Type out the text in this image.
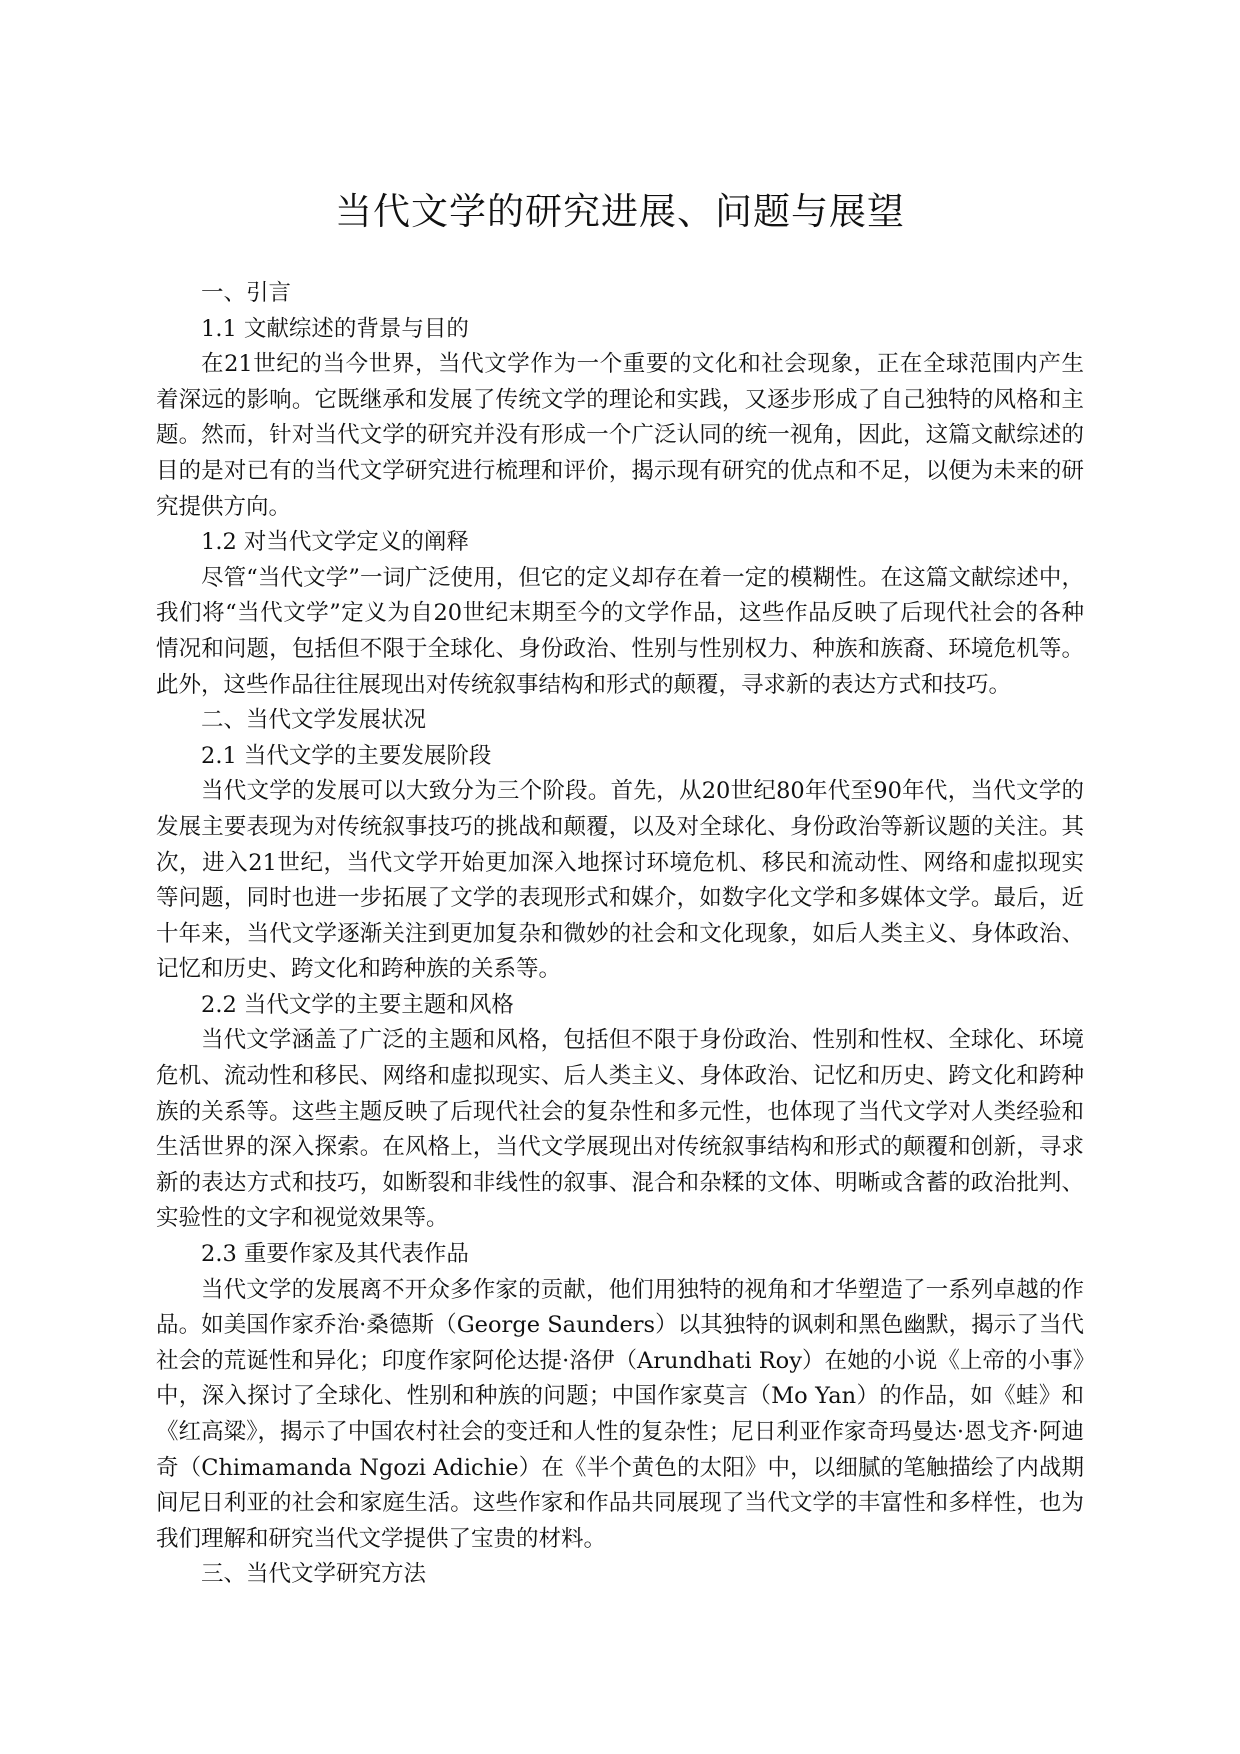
当代文学的研究进展、问题与展望

一、引言

1.1 文献综述的背景与目的

在21世纪的当今世界，当代文学作为一个重要的文化和社会现象，正在全球范围内产生着深远的影响。它既继承和发展了传统文学的理论和实践，又逐步形成了自己独特的风格和主题。然而，针对当代文学的研究并没有形成一个广泛认同的统一视角，因此，这篇文献综述的目的是对已有的当代文学研究进行梳理和评价，揭示现有研究的优点和不足，以便为未来的研究提供方向。

1.2 对当代文学定义的阐释

尽管“当代文学”一词广泛使用，但它的定义却存在着一定的模糊性。在这篇文献综述中，我们将“当代文学”定义为自20世纪末期至今的文学作品，这些作品反映了后现代社会的各种情况和问题，包括但不限于全球化、身份政治、性别与性别权力、种族和族裔、环境危机等。此外，这些作品往往展现出对传统叙事结构和形式的颠覆，寻求新的表达方式和技巧。

二、当代文学发展状况

2.1 当代文学的主要发展阶段

当代文学的发展可以大致分为三个阶段。首先，从20世纪80年代至90年代，当代文学的发展主要表现为对传统叙事技巧的挑战和颠覆，以及对全球化、身份政治等新议题的关注。其次，进入21世纪，当代文学开始更加深入地探讨环境危机、移民和流动性、网络和虚拟现实等问题，同时也进一步拓展了文学的表现形式和媒介，如数字化文学和多媒体文学。最后，近十年来，当代文学逐渐关注到更加复杂和微妙的社会和文化现象，如后人类主义、身体政治、记忆和历史、跨文化和跨种族的关系等。

2.2 当代文学的主要主题和风格

当代文学涵盖了广泛的主题和风格，包括但不限于身份政治、性别和性权、全球化、环境危机、流动性和移民、网络和虚拟现实、后人类主义、身体政治、记忆和历史、跨文化和跨种族的关系等。这些主题反映了后现代社会的复杂性和多元性，也体现了当代文学对人类经验和生活世界的深入探索。在风格上，当代文学展现出对传统叙事结构和形式的颠覆和创新，寻求新的表达方式和技巧，如断裂和非线性的叙事、混合和杂糅的文体、明晰或含蓄的政治批判、实验性的文字和视觉效果等。

2.3 重要作家及其代表作品

当代文学的发展离不开众多作家的贡献，他们用独特的视角和才华塑造了一系列卓越的作品。如美国作家乔治·桑德斯（George Saunders）以其独特的讽刺和黑色幽默，揭示了当代社会的荒诞性和异化；印度作家阿伦达提·洛伊（Arundhati Roy）在她的小说《上帝的小事》中，深入探讨了全球化、性别和种族的问题；中国作家莫言（Mo Yan）的作品，如《蛙》和《红高粱》，揭示了中国农村社会的变迁和人性的复杂性；尼日利亚作家奇玛曼达·恩戈齐·阿迪奇（Chimamanda Ngozi Adichie）在《半个黄色的太阳》中，以细腻的笔触描绘了内战期间尼日利亚的社会和家庭生活。这些作家和作品共同展现了当代文学的丰富性和多样性，也为我们理解和研究当代文学提供了宝贵的材料。

三、当代文学研究方法
